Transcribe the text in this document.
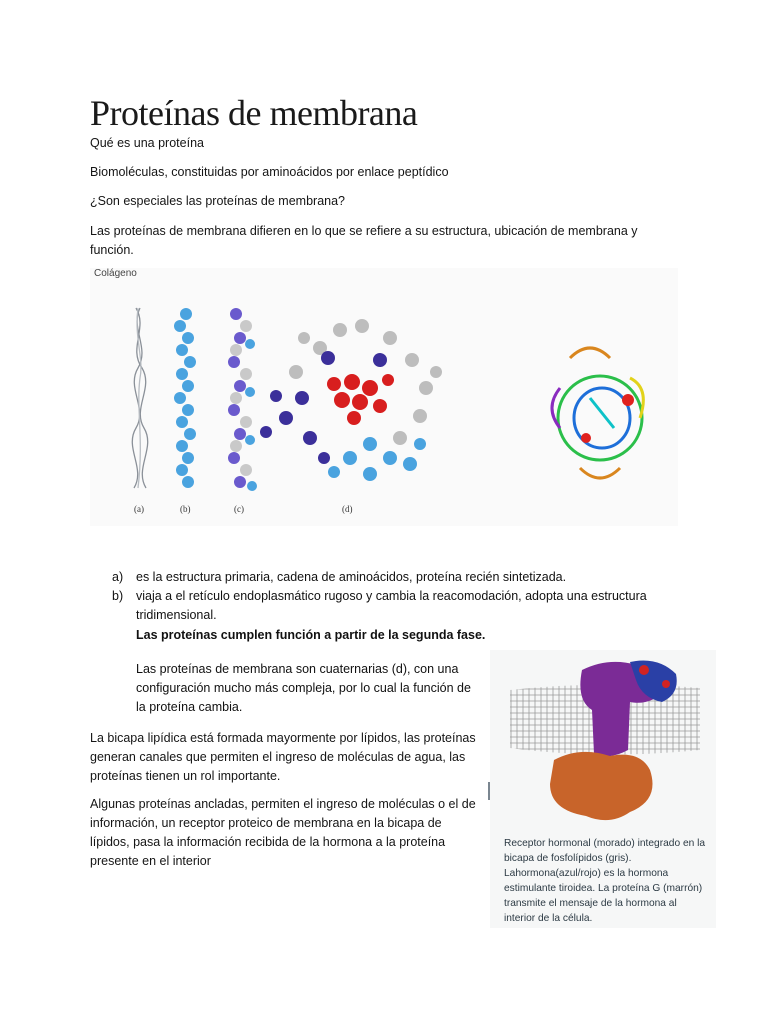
Proteínas de membrana

Qué es una proteína

Biomoléculas, constituidas por aminoácidos por enlace peptídico

¿Son especiales las proteínas de membrana?

Las proteínas de membrana difieren en lo que se refiere a su estructura, ubicación de membrana y función.

Colágeno
(a)	(b)	(c)	(d)
a) es la estructura primaria, cadena de aminoácidos, proteína recién sintetizada.
b) viaja a el retículo endoplasmático rugoso y cambia la reacomodación, adopta una estructura tridimensional.

Las proteínas cumplen función a partir de la segunda fase.

Las proteínas de membrana son cuaternarias (d), con una configuración mucho más compleja, por lo cual la función de la proteína cambia.

La bicapa lipídica está formada mayormente por lípidos, las proteínas generan canales que permiten el ingreso de moléculas de agua, las proteínas tienen un rol importante.

Algunas proteínas ancladas, permiten el ingreso de moléculas o el de información, un receptor proteico de membrana en la bicapa de lípidos, pasa la información recibida de la hormona a la proteína presente en el interior

Receptor hormonal (morado) integrado en la bicapa de fosfolípidos (gris). Lahormona(azul/rojo) es la hormona estimulante tiroidea. La proteína G (marrón) transmite el mensaje de la hormona al interior de la célula.
